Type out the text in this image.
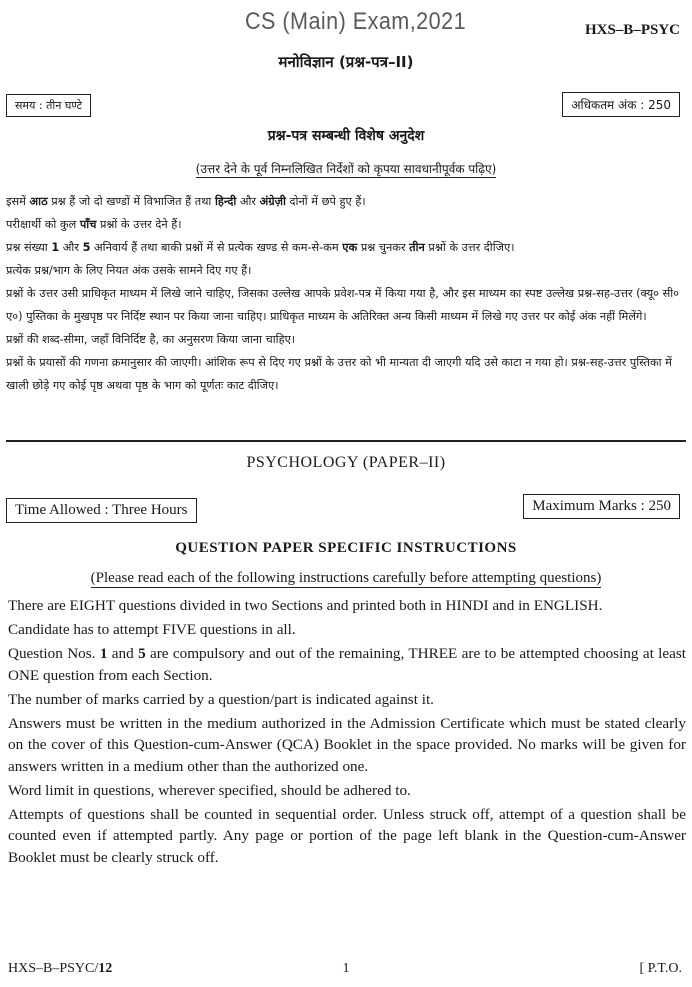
CS (Main) Exam,2021	HXS–B–PSYC
मनोविज्ञान (प्रश्न-पत्र–II)
समय : तीन घण्टे	अधिकतम अंक : 250
प्रश्न-पत्र सम्बन्धी विशेष अनुदेश
(उत्तर देने के पूर्व निम्नलिखित निर्देशों को कृपया सावधानीपूर्वक पढ़िए)

इसमें आठ प्रश्न हैं जो दो खण्डों में विभाजित हैं तथा हिन्दी और अंग्रेज़ी दोनों में छपे हुए हैं।

परीक्षार्थी को कुल पाँच प्रश्नों के उत्तर देने हैं।

प्रश्न संख्या 1 और 5 अनिवार्य हैं तथा बाकी प्रश्नों में से प्रत्येक खण्ड से कम-से-कम एक प्रश्न चुनकर तीन प्रश्नों के उत्तर दीजिए।

प्रत्येक प्रश्न/भाग के लिए नियत अंक उसके सामने दिए गए हैं।

प्रश्नों के उत्तर उसी प्राधिकृत माध्यम में लिखे जाने चाहिए, जिसका उल्लेख आपके प्रवेश-पत्र में किया गया है, और इस माध्यम का स्पष्ट उल्लेख प्रश्न-सह-उत्तर (क्यू० सी० ए०) पुस्तिका के मुखपृष्ठ पर निर्दिष्ट स्थान पर किया जाना चाहिए। प्राधिकृत माध्यम के अतिरिक्त अन्य किसी माध्यम में लिखे गए उत्तर पर कोई अंक नहीं मिलेंगे।

प्रश्नों की शब्द-सीमा, जहाँ विनिर्दिष्ट है, का अनुसरण किया जाना चाहिए।

प्रश्नों के प्रयासों की गणना क्रमानुसार की जाएगी। आंशिक रूप से दिए गए प्रश्नों के उत्तर को भी मान्यता दी जाएगी यदि उसे काटा न गया हो। प्रश्न-सह-उत्तर पुस्तिका में खाली छोड़े गए कोई पृष्ठ अथवा पृष्ठ के भाग को पूर्णतः काट दीजिए।

PSYCHOLOGY (PAPER–II)
Time Allowed : Three Hours	Maximum Marks : 250
QUESTION PAPER SPECIFIC INSTRUCTIONS
(Please read each of the following instructions carefully before attempting questions)

There are EIGHT questions divided in two Sections and printed both in HINDI and in ENGLISH.

Candidate has to attempt FIVE questions in all.

Question Nos. 1 and 5 are compulsory and out of the remaining, THREE are to be attempted choosing at least ONE question from each Section.

The number of marks carried by a question/part is indicated against it.

Answers must be written in the medium authorized in the Admission Certificate which must be stated clearly on the cover of this Question-cum-Answer (QCA) Booklet in the space provided. No marks will be given for answers written in a medium other than the authorized one.

Word limit in questions, wherever specified, should be adhered to.

Attempts of questions shall be counted in sequential order. Unless struck off, attempt of a question shall be counted even if attempted partly. Any page or portion of the page left blank in the Question-cum-Answer Booklet must be clearly struck off.

HXS–B–PSYC/12	1	[ P.T.O.
